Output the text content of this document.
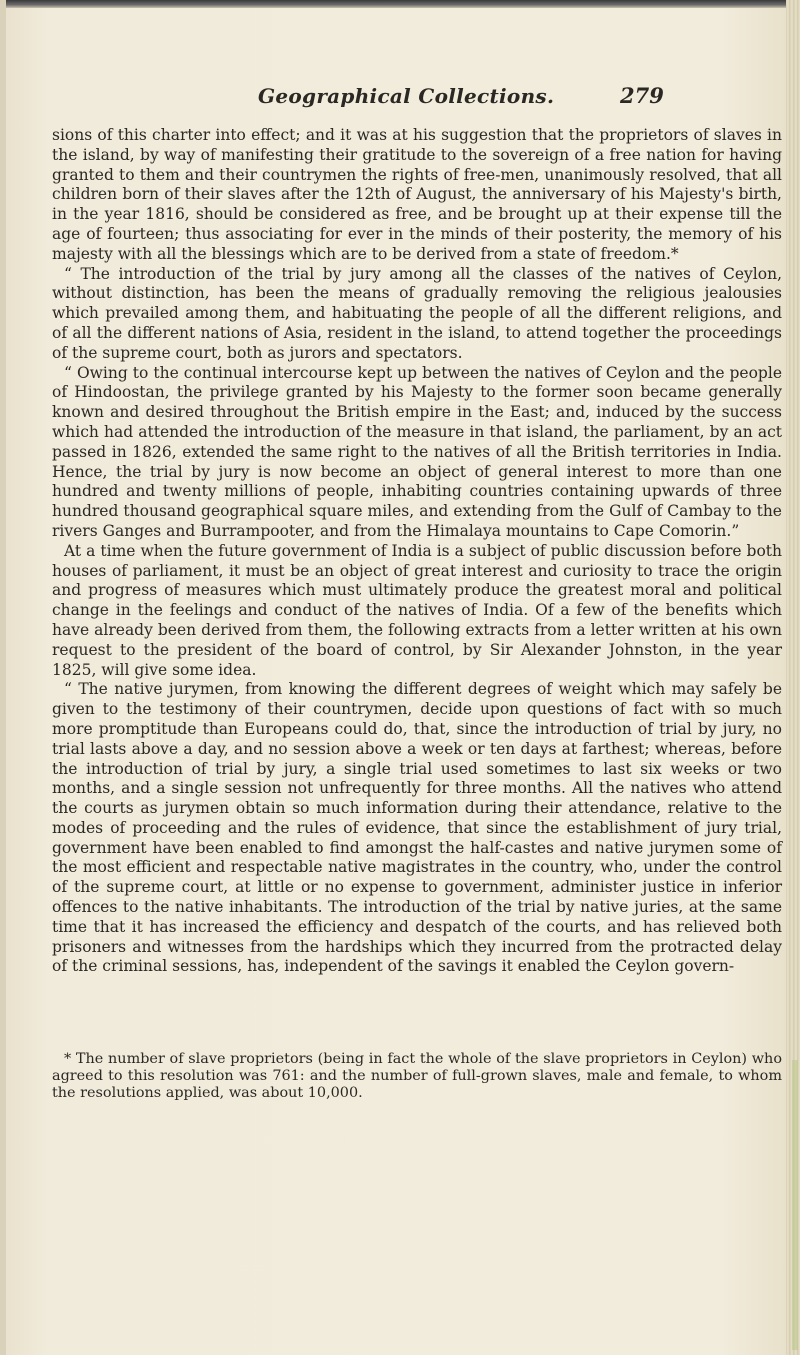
Geographical Collections.	279

sions of this charter into effect; and it was at his suggestion that the proprietors of slaves in the island, by way of manifesting their gratitude to the sovereign of a free nation for having granted to them and their countrymen the rights of free-men, unanimously resolved, that all children born of their slaves after the 12th of August, the anniversary of his Majesty's birth, in the year 1816, should be considered as free, and be brought up at their expense till the age of fourteen; thus associating for ever in the minds of their posterity, the memory of his majesty with all the blessings which are to be derived from a state of freedom.*

“ The introduction of the trial by jury among all the classes of the natives of Ceylon, without distinction, has been the means of gradually removing the religious jealousies which prevailed among them, and habituating the people of all the different religions, and of all the different nations of Asia, resident in the island, to attend together the proceedings of the supreme court, both as jurors and spectators.

“ Owing to the continual intercourse kept up between the natives of Ceylon and the people of Hindoostan, the privilege granted by his Majesty to the former soon became generally known and desired throughout the British empire in the East; and, induced by the success which had attended the introduction of the measure in that island, the parliament, by an act passed in 1826, extended the same right to the natives of all the British territories in India. Hence, the trial by jury is now become an object of general interest to more than one hundred and twenty millions of people, inhabiting countries containing upwards of three hundred thousand geographical square miles, and extending from the Gulf of Cambay to the rivers Ganges and Burrampooter, and from the Himalaya mountains to Cape Comorin.”

At a time when the future government of India is a subject of public discussion before both houses of parliament, it must be an object of great interest and curiosity to trace the origin and progress of measures which must ultimately produce the greatest moral and political change in the feelings and conduct of the natives of India. Of a few of the benefits which have already been derived from them, the following extracts from a letter written at his own request to the president of the board of control, by Sir Alexander Johnston, in the year 1825, will give some idea.

“ The native jurymen, from knowing the different degrees of weight which may safely be given to the testimony of their countrymen, decide upon questions of fact with so much more promptitude than Europeans could do, that, since the introduction of trial by jury, no trial lasts above a day, and no session above a week or ten days at farthest; whereas, before the introduction of trial by jury, a single trial used sometimes to last six weeks or two months, and a single session not unfrequently for three months. All the natives who attend the courts as jurymen obtain so much information during their attendance, relative to the modes of proceeding and the rules of evidence, that since the establishment of jury trial, government have been enabled to find amongst the half-castes and native jurymen some of the most efficient and respectable native magistrates in the country, who, under the control of the supreme court, at little or no expense to government, administer justice in inferior offences to the native inhabitants. The introduction of the trial by native juries, at the same time that it has increased the efficiency and despatch of the courts, and has relieved both prisoners and witnesses from the hardships which they incurred from the protracted delay of the criminal sessions, has, independent of the savings it enabled the Ceylon govern-

* The number of slave proprietors (being in fact the whole of the slave proprietors in Ceylon) who agreed to this resolution was 761: and the number of full-grown slaves, male and female, to whom the resolutions applied, was about 10,000.
